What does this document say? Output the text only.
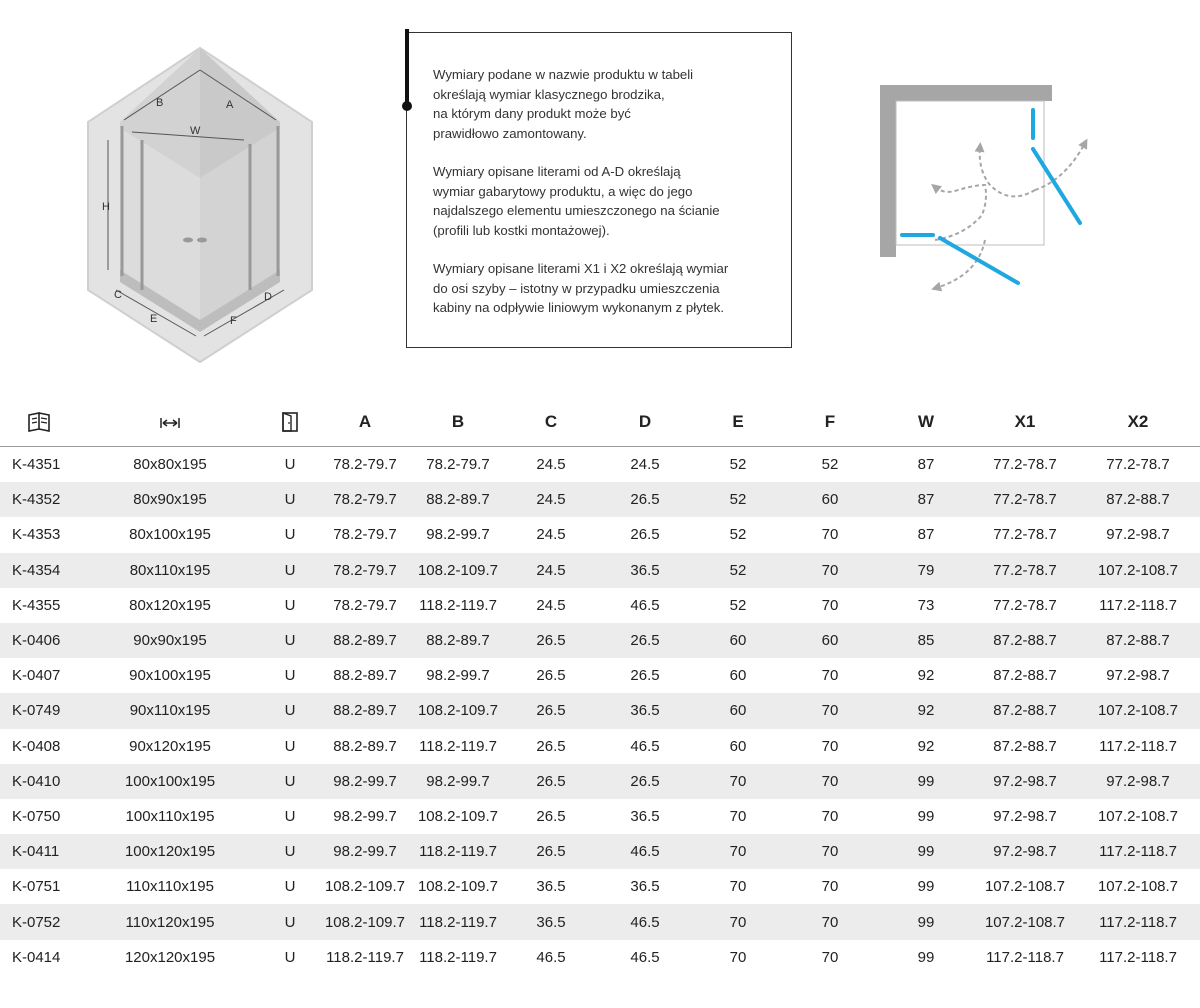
B	A
W
H
C	D
E	F

Wymiary podane w nazwie produktu w tabeli
określają wymiar klasycznego brodzika,
na którym dany produkt może być
prawidłowo zamontowany.

Wymiary opisane literami od A-D określają
wymiar gabarytowy produktu, a więc do jego
najdalszego elementu umieszczonego na ścianie
(profili lub kostki montażowej).

Wymiary opisane literami X1 i X2 określają wymiar
do osi szyby – istotny w przypadku umieszczenia
kabiny na odpływie liniowym wykonanym z płytek.

			A	B	C	D	E	F	W	X1	X2
K-4351	80x80x195	U	78.2-79.7	78.2-79.7	24.5	24.5	52	52	87	77.2-78.7	77.2-78.7
K-4352	80x90x195	U	78.2-79.7	88.2-89.7	24.5	26.5	52	60	87	77.2-78.7	87.2-88.7
K-4353	80x100x195	U	78.2-79.7	98.2-99.7	24.5	26.5	52	70	87	77.2-78.7	97.2-98.7
K-4354	80x110x195	U	78.2-79.7	108.2-109.7	24.5	36.5	52	70	79	77.2-78.7	107.2-108.7
K-4355	80x120x195	U	78.2-79.7	118.2-119.7	24.5	46.5	52	70	73	77.2-78.7	117.2-118.7
K-0406	90x90x195	U	88.2-89.7	88.2-89.7	26.5	26.5	60	60	85	87.2-88.7	87.2-88.7
K-0407	90x100x195	U	88.2-89.7	98.2-99.7	26.5	26.5	60	70	92	87.2-88.7	97.2-98.7
K-0749	90x110x195	U	88.2-89.7	108.2-109.7	26.5	36.5	60	70	92	87.2-88.7	107.2-108.7
K-0408	90x120x195	U	88.2-89.7	118.2-119.7	26.5	46.5	60	70	92	87.2-88.7	117.2-118.7
K-0410	100x100x195	U	98.2-99.7	98.2-99.7	26.5	26.5	70	70	99	97.2-98.7	97.2-98.7
K-0750	100x110x195	U	98.2-99.7	108.2-109.7	26.5	36.5	70	70	99	97.2-98.7	107.2-108.7
K-0411	100x120x195	U	98.2-99.7	118.2-119.7	26.5	46.5	70	70	99	97.2-98.7	117.2-118.7
K-0751	110x110x195	U	108.2-109.7	108.2-109.7	36.5	36.5	70	70	99	107.2-108.7	107.2-108.7
K-0752	110x120x195	U	108.2-109.7	118.2-119.7	36.5	46.5	70	70	99	107.2-108.7	117.2-118.7
K-0414	120x120x195	U	118.2-119.7	118.2-119.7	46.5	46.5	70	70	99	117.2-118.7	117.2-118.7
